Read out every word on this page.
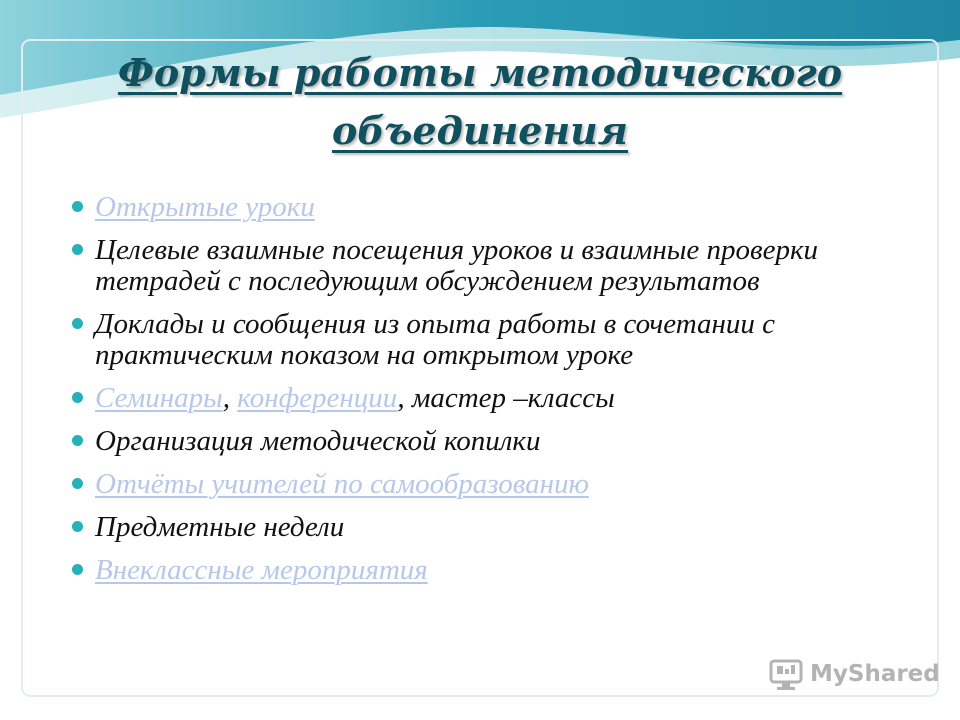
Формы работы методического
объединения
Открытые уроки
Целевые взаимные посещения уроков и взаимные проверки тетрадей с последующим обсуждением результатов
Доклады и сообщения из опыта работы в сочетании с практическим показом на открытом уроке
Семинары, конференции, мастер –классы
Организация методической копилки
Отчёты учителей по самообразованию
Предметные недели
Внеклассные мероприятия
MyShared
